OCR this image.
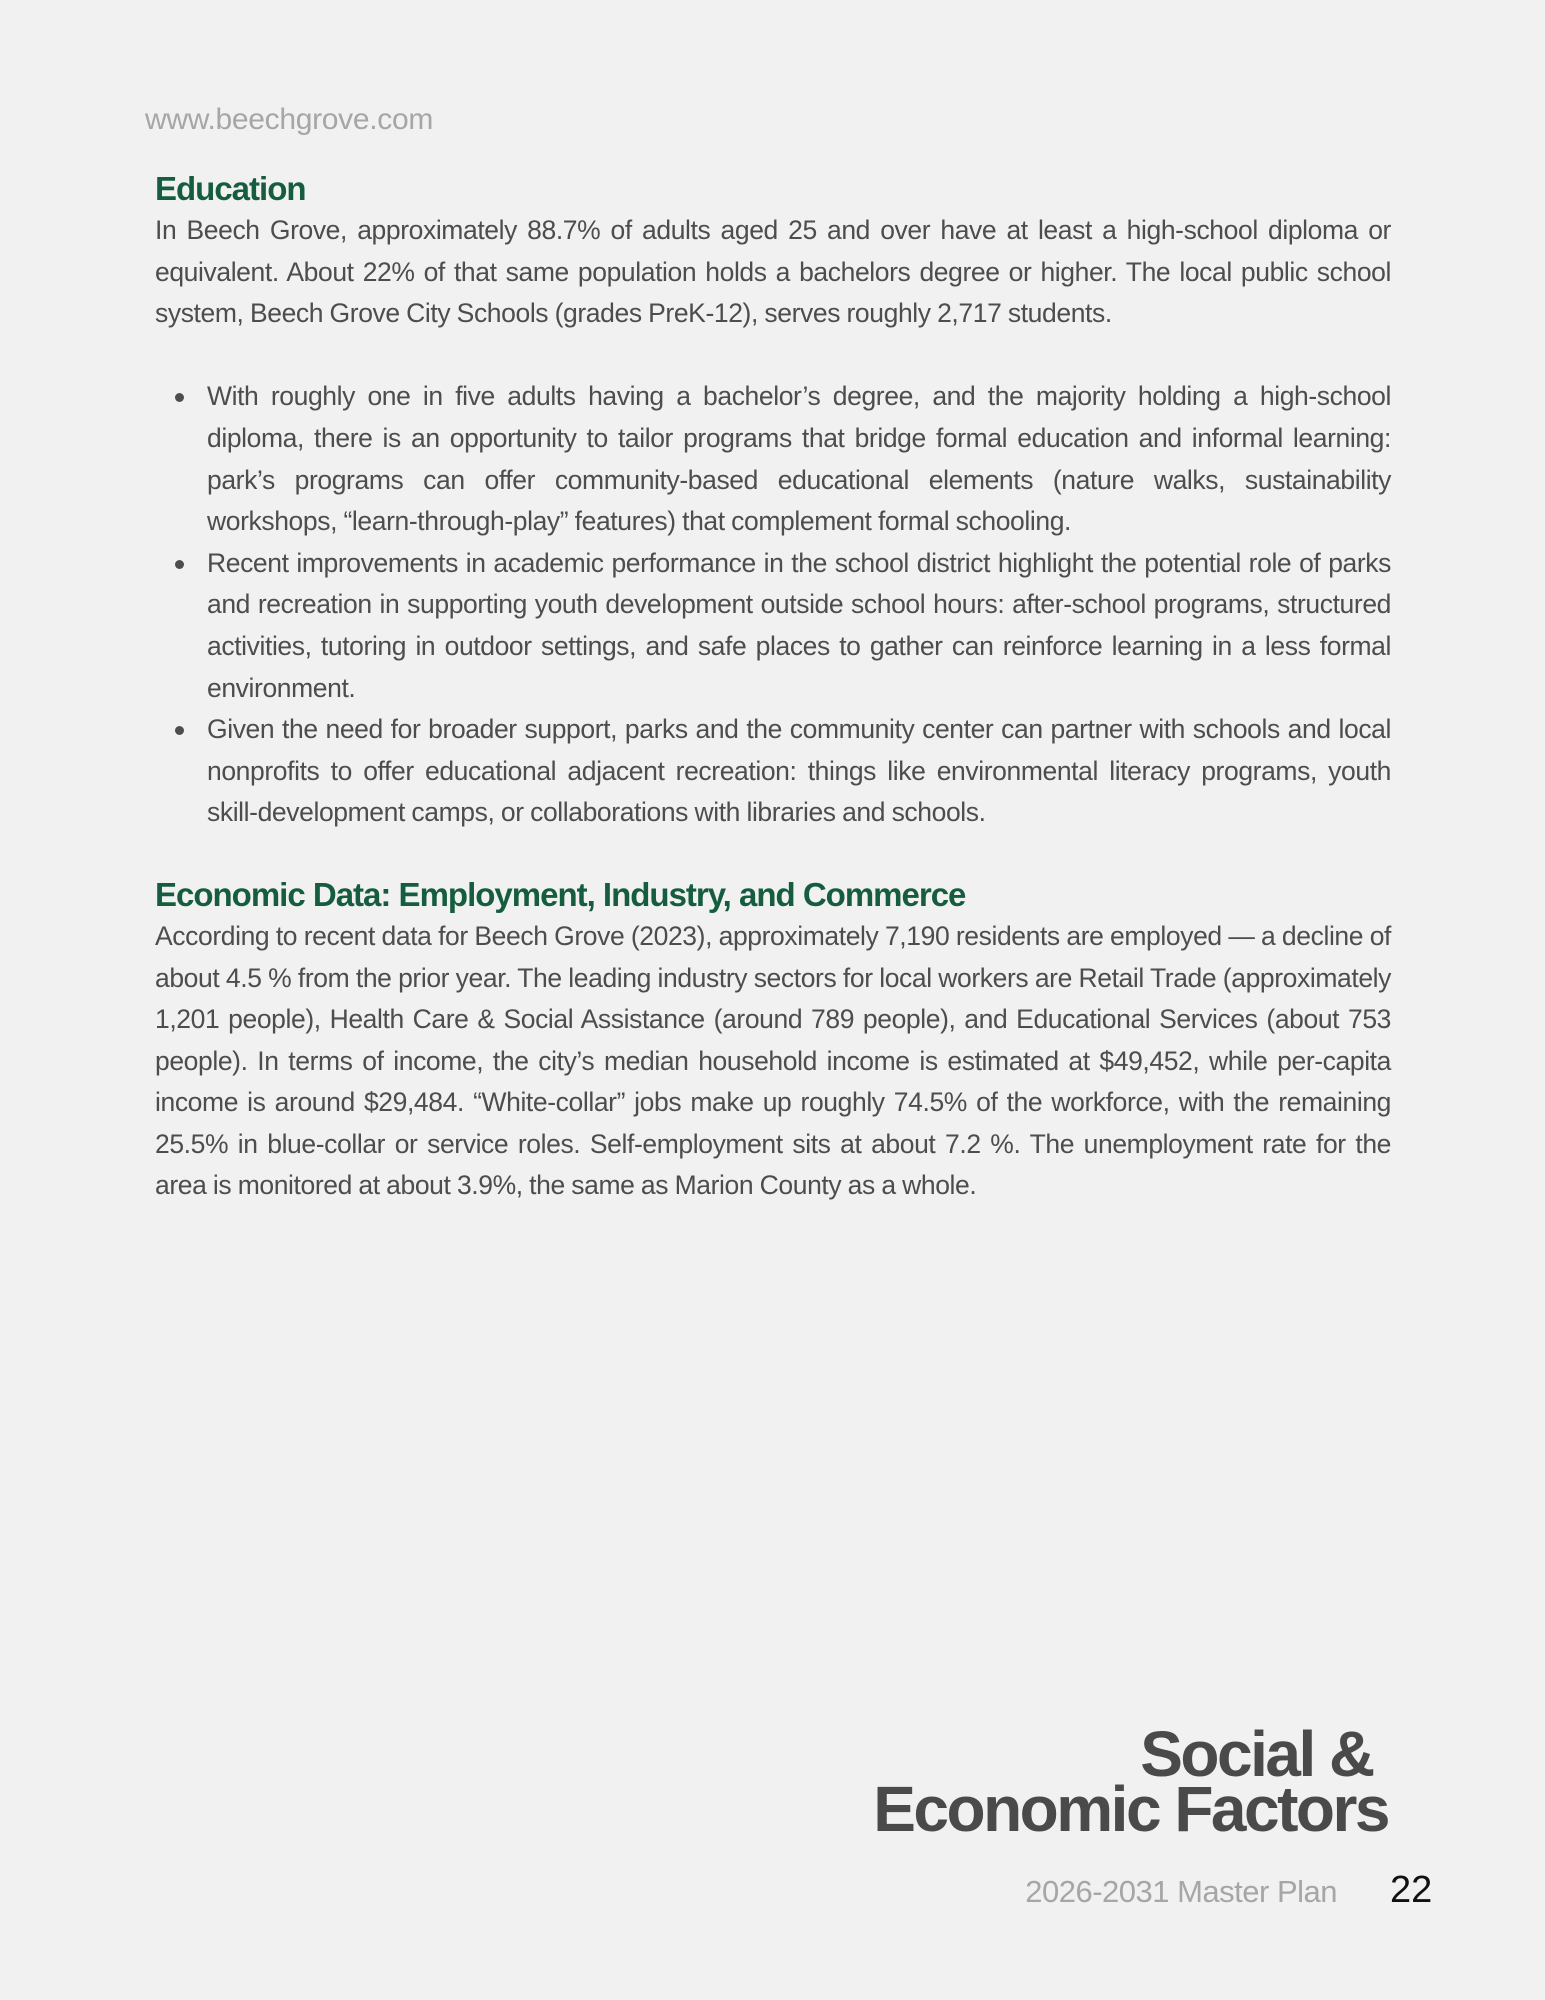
www.beechgrove.com
Education

In Beech Grove, approximately 88.7% of adults aged 25 and over have at least a high-school diploma or equivalent. About 22% of that same population holds a bachelors degree or higher. The local public school system, Beech Grove City Schools (grades PreK-12), serves roughly 2,717 students.

With roughly one in five adults having a bachelor’s degree, and the majority holding a high-school diploma, there is an opportunity to tailor programs that bridge formal education and informal learning: park’s programs can offer community-based educational elements (nature walks, sustainability workshops, “learn-through-play” features) that complement formal schooling.
Recent improvements in academic performance in the school district highlight the potential role of parks and recreation in supporting youth development outside school hours: after-school programs, structured activities, tutoring in outdoor settings, and safe places to gather can reinforce learning in a less formal environment.
Given the need for broader support, parks and the community center can partner with schools and local nonprofits to offer educational adjacent recreation: things like environmental literacy programs, youth skill-development camps, or collaborations with libraries and schools.
Economic Data: Employment, Industry, and Commerce

According to recent data for Beech Grove (2023), approximately 7,190 residents are employed — a decline of about 4.5 % from the prior year. The leading industry sectors for local workers are Retail Trade (approximately 1,201 people), Health Care & Social Assistance (around 789 people), and Educational Services (about 753 people). In terms of income, the city’s median household income is estimated at $49,452, while per-capita income is around $29,484. “White-collar” jobs make up roughly 74.5% of the workforce, with the remaining 25.5% in blue-collar or service roles. Self-employment sits at about 7.2 %. The unemployment rate for the area is monitored at about 3.9%, the same as Marion County as a whole.

Social &
Economic Factors
2026-2031 Master Plan 22
